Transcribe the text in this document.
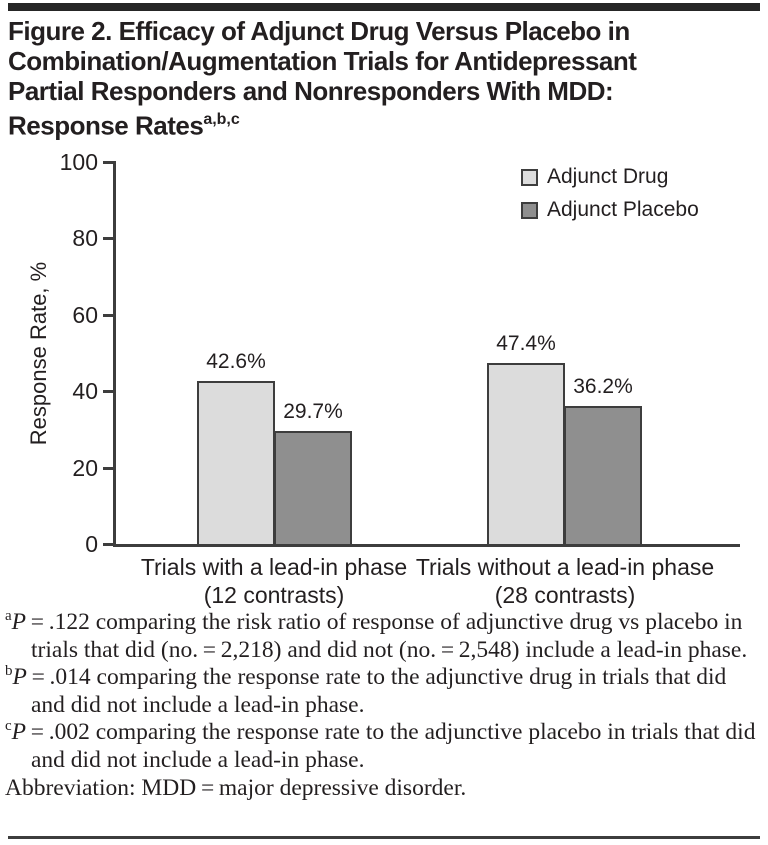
Figure 2. Efficacy of Adjunct Drug Versus Placebo in
Combination/Augmentation Trials for Antidepressant
Partial Responders and Nonresponders With MDD:
Response Rates$^{a,b,c}$
Response Rate, %
Adjunct Drug
Adjunct Placebo
42.6%
47.4%
29.7%
36.2%
Trials with a lead-in phase
(12 contrasts)
Trials without a lead-in phase
(28 contrasts)
0
20
40
60
80
100
$^a$P = .122 comparing the risk ratio of response of adjunctive drug vs placebo in trials that did (no. = 2,218) and did not (no. = 2,548) include a lead-in phase.
$^b$P = .014 comparing the response rate to the adjunctive drug in trials that did and did not include a lead-in phase.
$^c$P = .002 comparing the response rate to the adjunctive placebo in trials that did and did not include a lead-in phase.
Abbreviation: MDD = major depressive disorder.
